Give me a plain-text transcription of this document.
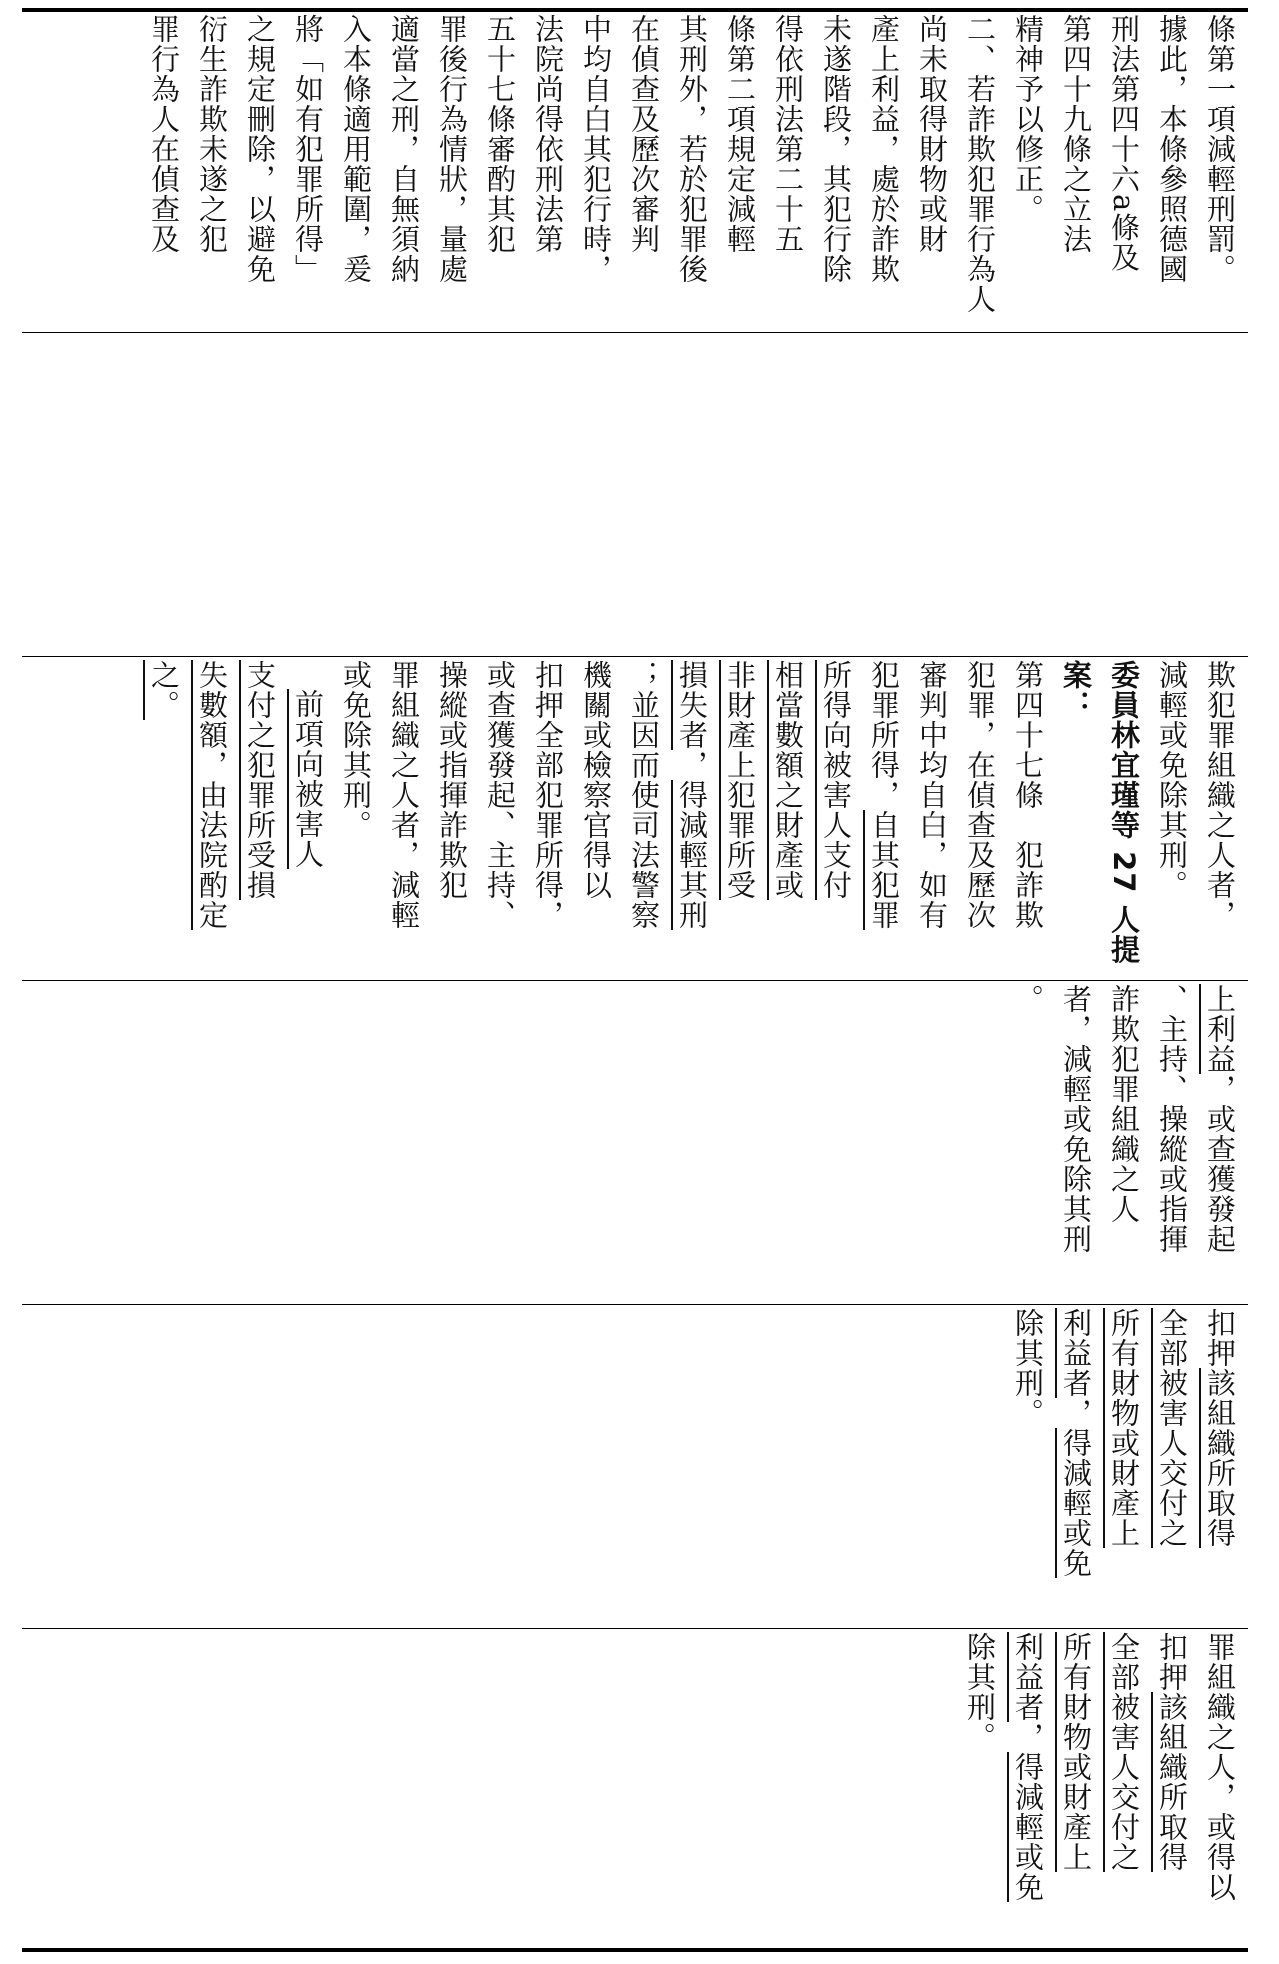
條第一項減輕刑罰。
據此，本條參照德國
刑法第四十六a條及
第四十九條之立法
精神予以修正。
二、若詐欺犯罪行為人
尚未取得財物或財
產上利益，處於詐欺
未遂階段，其犯行除
得依刑法第二十五
條第二項規定減輕
其刑外，若於犯罪後
在偵查及歷次審判
中均自白其犯行時，
法院尚得依刑法第
五十七條審酌其犯
罪後行為情狀，量處
適當之刑，自無須納
入本條適用範圍，爰
將「如有犯罪所得」
之規定刪除，以避免
衍生詐欺未遂之犯
罪行為人在偵查及
欺犯罪組織之人者，
減輕或免除其刑。
委員林宜瑾等 27 人提
案：
第四十七條　犯詐欺
犯罪，在偵查及歷次
審判中均自白，如有
犯罪所得，自其犯罪
所得向被害人支付
相當數額之財產或
非財產上犯罪所受
損失者，得減輕其刑
；並因而使司法警察
機關或檢察官得以
扣押全部犯罪所得，
或查獲發起、主持、
操縱或指揮詐欺犯
罪組織之人者，減輕
或免除其刑。
前項向被害人
支付之犯罪所受損
失數額，由法院酌定
之。
上利益，或查獲發起
、主持、操縱或指揮
詐欺犯罪組織之人
者，減輕或免除其刑
。
扣押該組織所取得
全部被害人交付之
所有財物或財產上
利益者，得減輕或免
除其刑。
罪組織之人，或得以
扣押該組織所取得
全部被害人交付之
所有財物或財產上
利益者，得減輕或免
除其刑。
